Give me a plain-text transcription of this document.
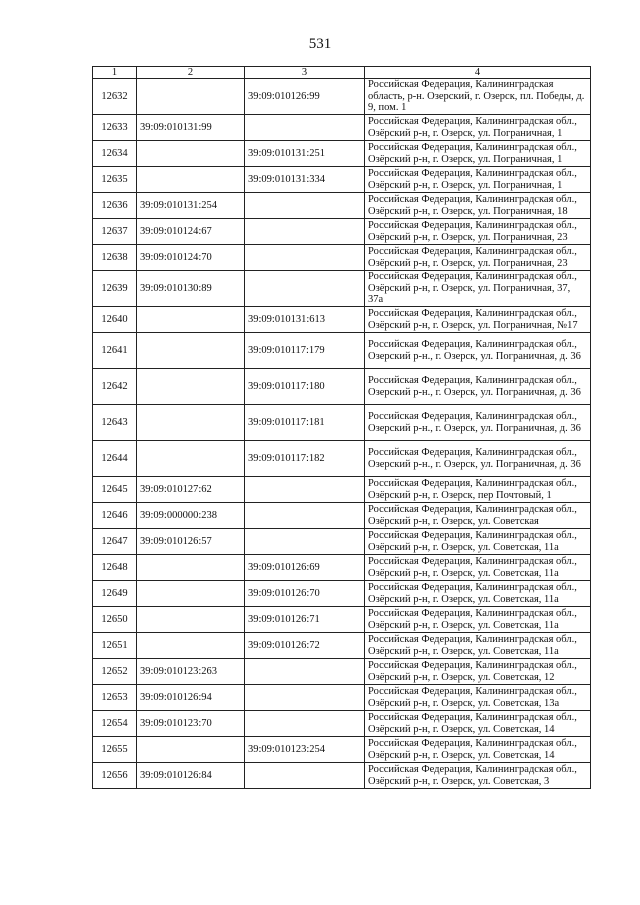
531
1	2	3	4
12632		39:09:010126:99	Российская Федерация, Калининградская область, р-н. Озерский, г. Озерск, пл. Победы, д. 9, пом. 1
12633	39:09:010131:99		Российская Федерация, Калининградская обл., Озёрский р-н, г. Озерск, ул. Пограничная, 1
12634		39:09:010131:251	Российская Федерация, Калининградская обл., Озёрский р-н, г. Озерск, ул. Пограничная, 1
12635		39:09:010131:334	Российская Федерация, Калининградская обл., Озёрский р-н, г. Озерск, ул. Пограничная, 1
12636	39:09:010131:254		Российская Федерация, Калининградская обл., Озёрский р-н, г. Озерск, ул. Пограничная, 18
12637	39:09:010124:67		Российская Федерация, Калининградская обл., Озёрский р-н, г. Озерск, ул. Пограничная, 23
12638	39:09:010124:70		Российская Федерация, Калининградская обл., Озёрский р-н, г. Озерск, ул. Пограничная, 23
12639	39:09:010130:89		Российская Федерация, Калининградская обл., Озёрский р-н, г. Озерск, ул. Пограничная, 37, 37а
12640		39:09:010131:613	Российская Федерация, Калининградская обл., Озёрский р-н, г. Озерск, ул. Пограничная, №17
12641		39:09:010117:179	Российская Федерация, Калининградская обл., Озерский р-н., г. Озерск, ул. Пограничная, д. 36
12642		39:09:010117:180	Российская Федерация, Калининградская обл., Озерский р-н., г. Озерск, ул. Пограничная, д. 36
12643		39:09:010117:181	Российская Федерация, Калининградская обл., Озерский р-н., г. Озерск, ул. Пограничная, д. 36
12644		39:09:010117:182	Российская Федерация, Калининградская обл., Озерский р-н., г. Озерск, ул. Пограничная, д. 36
12645	39:09:010127:62		Российская Федерация, Калининградская обл., Озёрский р-н, г. Озерск, пер Почтовый, 1
12646	39:09:000000:238		Российская Федерация, Калининградская обл., Озёрский р-н, г. Озерск, ул. Советская
12647	39:09:010126:57		Российская Федерация, Калининградская обл., Озёрский р-н, г. Озерск, ул. Советская, 11а
12648		39:09:010126:69	Российская Федерация, Калининградская обл., Озёрский р-н, г. Озерск, ул. Советская, 11а
12649		39:09:010126:70	Российская Федерация, Калининградская обл., Озёрский р-н, г. Озерск, ул. Советская, 11а
12650		39:09:010126:71	Российская Федерация, Калининградская обл., Озёрский р-н, г. Озерск, ул. Советская, 11а
12651		39:09:010126:72	Российская Федерация, Калининградская обл., Озёрский р-н, г. Озерск, ул. Советская, 11а
12652	39:09:010123:263		Российская Федерация, Калининградская обл., Озёрский р-н, г. Озерск, ул. Советская, 12
12653	39:09:010126:94		Российская Федерация, Калининградская обл., Озёрский р-н, г. Озерск, ул. Советская, 13а
12654	39:09:010123:70		Российская Федерация, Калининградская обл., Озёрский р-н, г. Озерск, ул. Советская, 14
12655		39:09:010123:254	Российская Федерация, Калининградская обл., Озёрский р-н, г. Озерск, ул. Советская, 14
12656	39:09:010126:84		Российская Федерация, Калининградская обл., Озёрский р-н, г. Озерск, ул. Советская, 3
